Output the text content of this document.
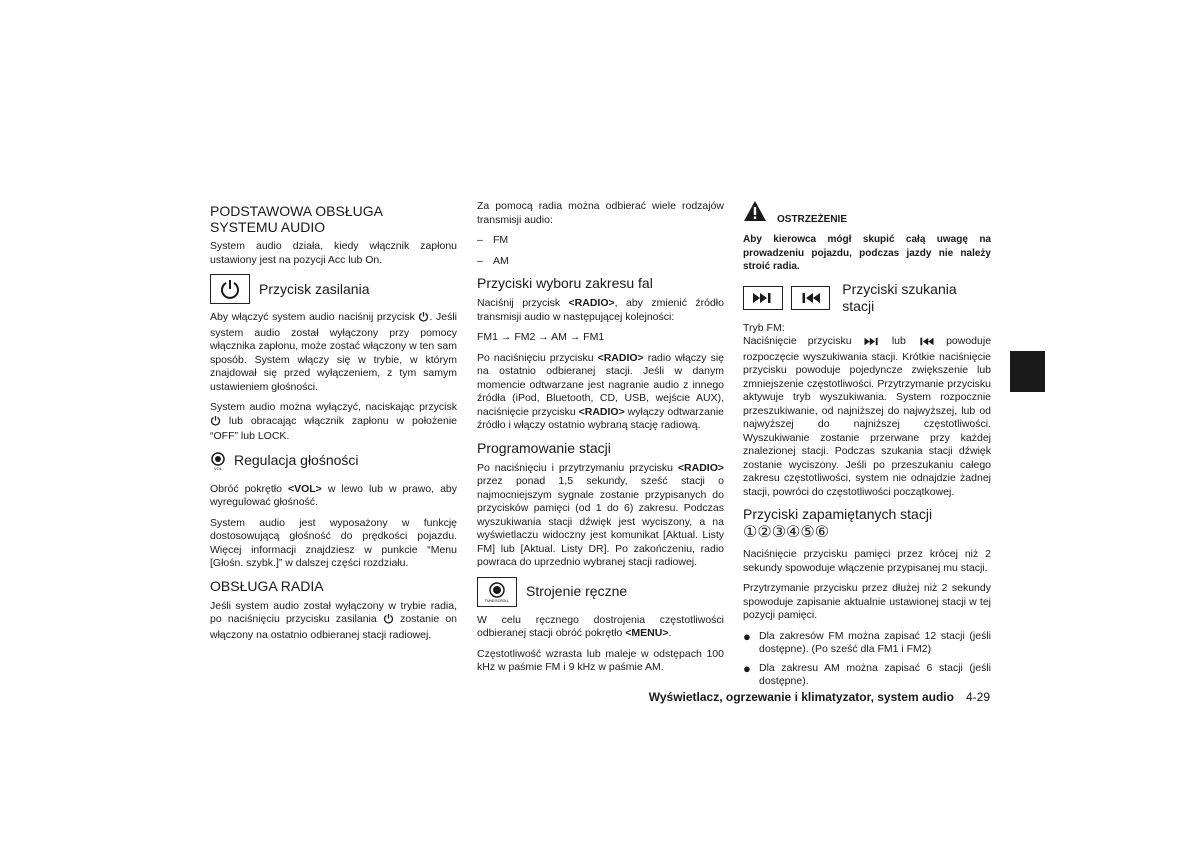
PODSTAWOWA OBSŁUGA
SYSTEMU AUDIO

System audio działa, kiedy włącznik zapłonu ustawiony jest na pozycji Acc lub On.

Przycisk zasilania

Aby włączyć system audio naciśnij przycisk . Jeśli system audio został wyłączony przy pomocy włącznika zapłonu, może zostać włączony w ten sam sposób. System włączy się w trybie, w którym znajdował się przed wyłączeniem, z tym samym ustawieniem głośności.

System audio można wyłączyć, naciskając przycisk  lub obracając włącznik zapłonu w położenie “OFF” lub LOCK.

VOL Regulacja głośności

Obróć pokrętło <VOL> w lewo lub w prawo, aby wyregulować głośność.

System audio jest wyposażony w funkcję dostosowującą głośność do prędkości pojazdu. Więcej informacji znajdziesz w punkcie “Menu [Głośn. szybk.]” w dalszej części rozdziału.

OBSŁUGA RADIA

Jeśli system audio został wyłączony w trybie radia, po naciśnięciu przycisku zasilania zostanie on włączony na ostatnio odbieranej stacji radiowej.

Za pomocą radia można odbierać wiele rodzajów transmisji audio:

– FM
– AM
Przyciski wyboru zakresu fal

Naciśnij przycisk <RADIO>, aby zmienić źródło transmisji audio w następującej kolejności:

FM1 → FM2 → AM → FM1

Po naciśnięciu przycisku <RADIO> radio włączy się na ostatnio odbieranej stacji. Jeśli w danym momencie odtwarzane jest nagranie audio z innego źródła (iPod, Bluetooth, CD, USB, wejście AUX), naciśnięcie przycisku <RADIO> wyłączy odtwarzanie źródło i włączy ostatnio wybraną stację radiową.

Programowanie stacji

Po naciśnięciu i przytrzymaniu przycisku <RADIO> przez ponad 1,5 sekundy, sześć stacji o najmocniejszym sygnale zostanie przypisanych do przycisków pamięci (od 1 do 6) zakresu. Podczas wyszukiwania stacji dźwięk jest wyciszony, a na wyświetlaczu widoczny jest komunikat [Aktual. Listy FM] lub [Aktual. Listy DR]. Po zakończeniu, radio powraca do uprzednio wybranej stacji radiowej.

TUNE/SCROLL
Strojenie ręczne

W celu ręcznego dostrojenia częstotliwości odbieranej stacji obróć pokrętło <MENU>.

Częstotliwość wzrasta lub maleje w odstępach 100 kHz w paśmie FM i 9 kHz w paśmie AM.

OSTRZEŻENIE

Aby kierowca mógł skupić całą uwagę na prowadzeniu pojazdu, podczas jazdy nie należy stroić radia.

Przyciski szukania stacji

Tryb FM:

Naciśnięcie przycisku	lub	powoduje rozpoczęcie wyszukiwania stacji. Krótkie naciśnięcie przycisku powoduje pojedyncze zwiększenie lub zmniejszenie częstotliwości. Przytrzymanie przycisku aktywuje tryb wyszukiwania. System rozpocznie przeszukiwanie, od najniższej do najwyższej, lub od najwyższej do najniższej częstotliwości. Wyszukiwanie zostanie przerwane przy każdej znalezionej stacji. Podczas szukania stacji dźwięk zostanie wyciszony. Jeśli po przeszukaniu całego zakresu częstotliwości, system nie odnajdzie żadnej stacji, powróci do częstotliwości początkowej.

Przyciski zapamiętanych stacji
①②③④⑤⑥

Naciśnięcie przycisku pamięci przez krócej niż 2 sekundy spowoduje włączenie przypisanej mu stacji.

Przytrzymanie przycisku przez dłużej niż 2 sekundy spowoduje zapisanie aktualnie ustawionej stacji w tej pozycji pamięci.

● Dla zakresów FM można zapisać 12 stacji (jeśli dostępne). (Po sześć dla FM1 i FM2)
● Dla zakresu AM można zapisać 6 stacji (jeśli dostępne).
Wyświetlacz, ogrzewanie i klimatyzator, system audio 4-29
